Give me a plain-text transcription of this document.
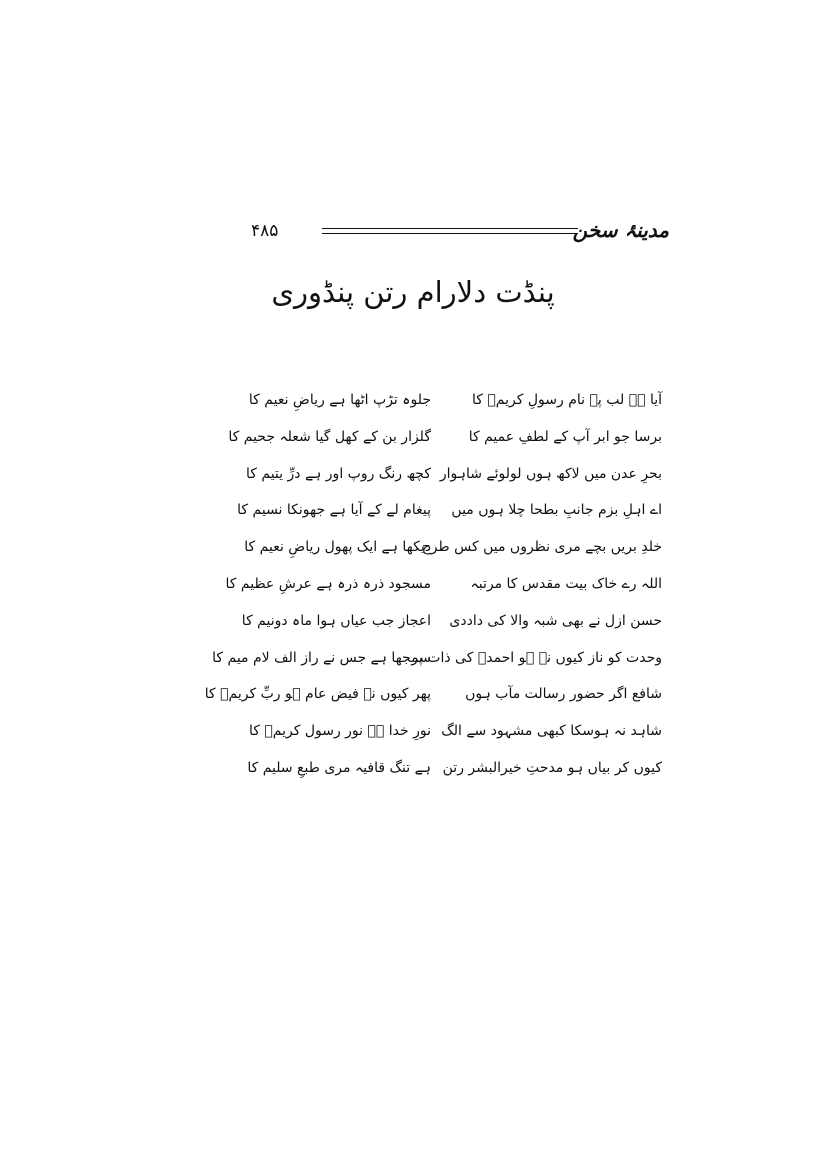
۴۸۵	مدینۂ سخن
پنڈت دلارام رتن پنڈوری
آیا ہے لب پہ نام رسولِ کریمؐ کا
برسا جو ابر آپ کے لطفِ عمیم کا
بحرِ عدن میں لاکھ ہوں لولوئے شاہوار
اے اہلِ بزم جانبِ بطحا چلا ہوں میں
خلدِ بریں بچے مری نظروں میں کس طرح
اللہ رے خاک بیت مقدس کا مرتبہ
حسن ازل نے بھی شبہ والا کی داددی
وحدت کو ناز کیوں نہ ہو احمدؐ کی ذات پر
شافع اگر حضور رسالت مآب ہوں
شاہد نہ ہوسکا کبھی مشہود سے الگ
کیوں کر بیاں ہو مدحتِ خیرالبشر رتن
جلوہ تڑپ اٹھا ہے ریاضِ نعیم کا
گلزار بن کے کھل گیا شعلہ جحیم کا
کچھ رنگ روپ اور ہے درِّ یتیم کا
پیغام لے کے آیا ہے جھونکا نسیم کا
دیکھا ہے ایک پھول ریاضِ نعیم کا
مسجود ذرہ ذرہ ہے عرشِ عظیم کا
اعجاز جب عیاں ہوا ماہ دونیم کا
سمجھا ہے جس نے راز الف لام میم کا
پھر کیوں نہ فیض عام ہو ربِّ کریمؐ کا
نورِ خدا ہے نور رسول کریمؐ کا
ہے تنگ قافیہ مری طبعِ سلیم کا
